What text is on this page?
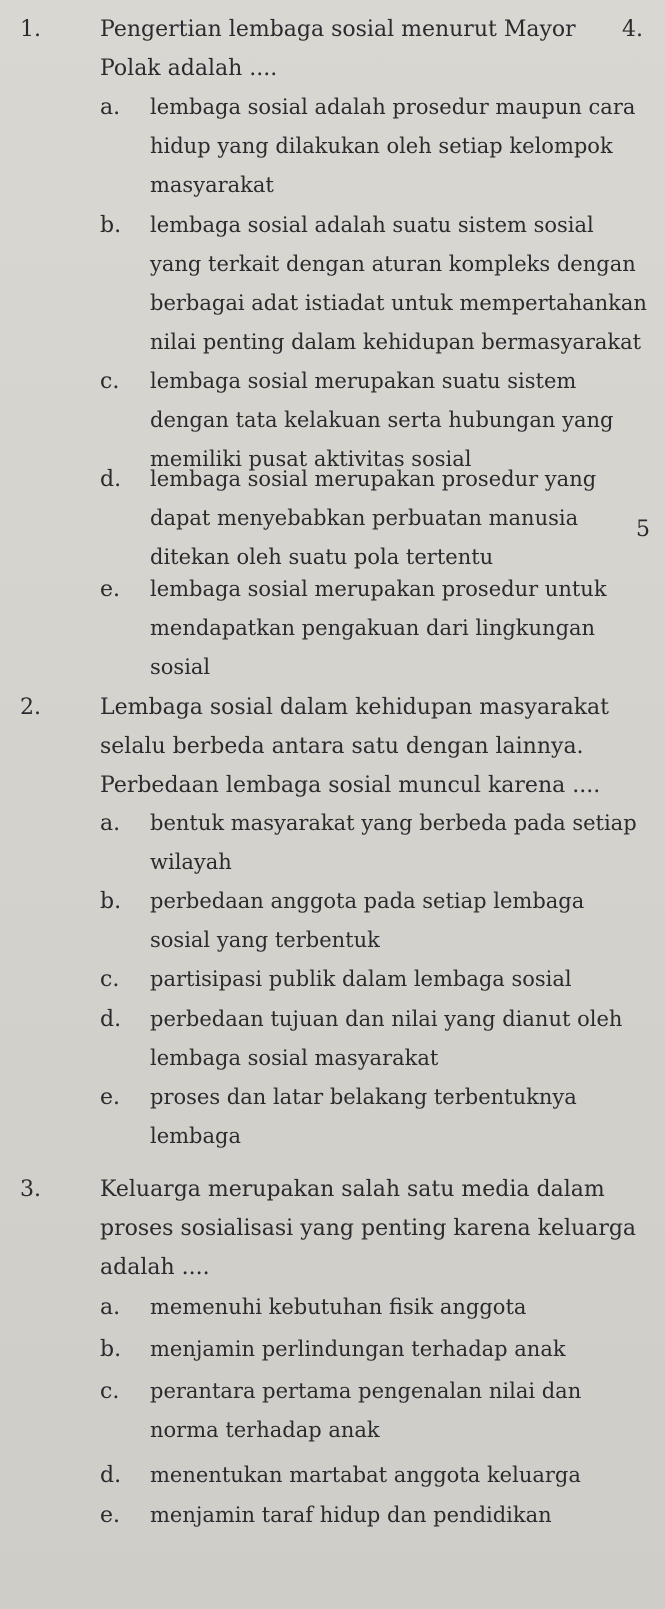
4.
5
1.	Pengertian lembaga sosial menurut Mayor Polak adalah ....
a. lembaga sosial adalah prosedur maupun cara hidup yang dilakukan oleh setiap kelompok masyarakat
b. lembaga sosial adalah suatu sistem sosial yang terkait dengan aturan kompleks dengan berbagai adat istiadat untuk mempertahankan nilai penting dalam kehidupan bermasyarakat
c. lembaga sosial merupakan suatu sistem dengan tata kelakuan serta hubungan yang memiliki pusat aktivitas sosial
d. lembaga sosial merupakan prosedur yang dapat menyebabkan perbuatan manusia ditekan oleh suatu pola tertentu
e. lembaga sosial merupakan prosedur untuk mendapatkan pengakuan dari lingkungan sosial
2.	Lembaga sosial dalam kehidupan masyarakat selalu berbeda antara satu dengan lainnya. Perbedaan lembaga sosial muncul karena ....
a. bentuk masyarakat yang berbeda pada setiap wilayah
b. perbedaan anggota pada setiap lembaga sosial yang terbentuk
c. partisipasi publik dalam lembaga sosial
d. perbedaan tujuan dan nilai yang dianut oleh lembaga sosial masyarakat
e. proses dan latar belakang terbentuknya lembaga
3.	Keluarga merupakan salah satu media dalam proses sosialisasi yang penting karena keluarga adalah ....
a. memenuhi kebutuhan fisik anggota
b. menjamin perlindungan terhadap anak
c. perantara pertama pengenalan nilai dan norma terhadap anak
d. menentukan martabat anggota keluarga
e. menjamin taraf hidup dan pendidikan
